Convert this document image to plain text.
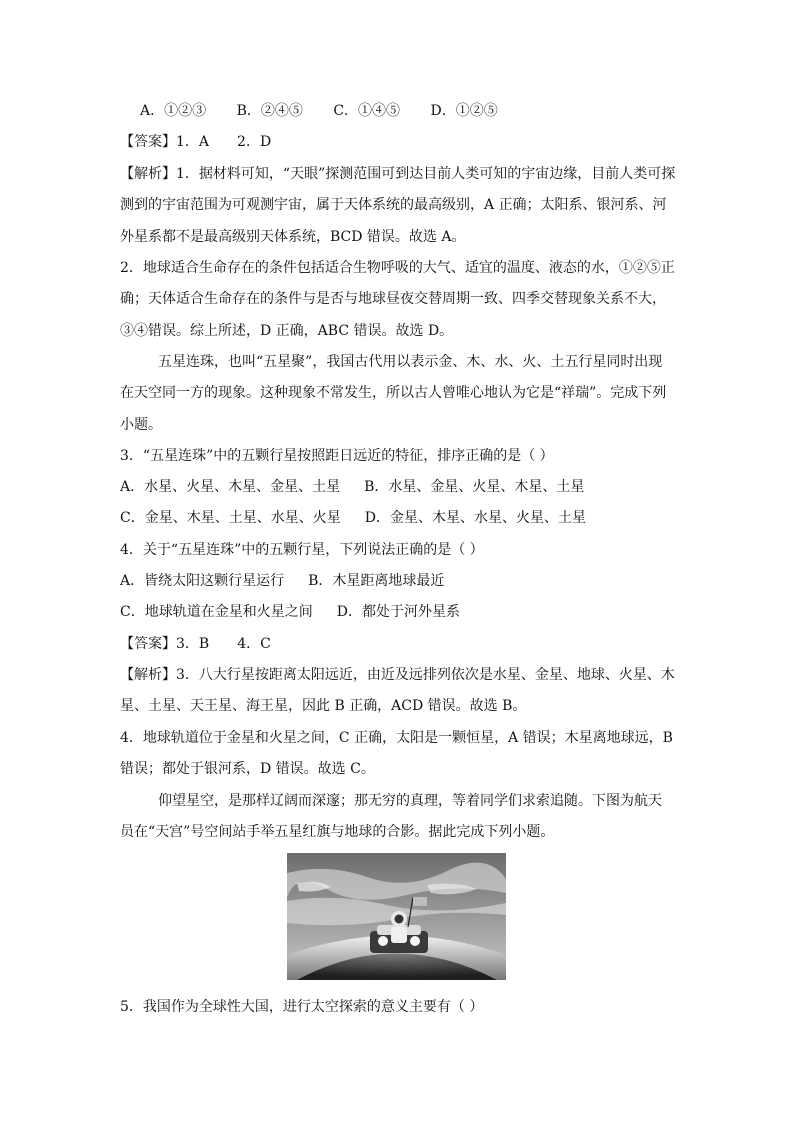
A．①②③ B．②④⑤ C．①④⑤ D．①②⑤
【答案】1．A 2．D
【解析】1．据材料可知，“天眼”探测范围可到达目前人类可知的宇宙边缘，目前人类可探
测到的宇宙范围为可观测宇宙，属于天体系统的最高级别，A 正确；太阳系、银河系、河
外星系都不是最高级别天体系统，BCD 错误。故选 A。
2．地球适合生命存在的条件包括适合生物呼吸的大气、适宜的温度、液态的水，①②⑤正
确；天体适合生命存在的条件与是否与地球昼夜交替周期一致、四季交替现象关系不大，
③④错误。综上所述，D 正确，ABC 错误。故选 D。
五星连珠，也叫“五星聚”，我国古代用以表示金、木、水、火、土五行星同时出现
在天空同一方的现象。这种现象不常发生，所以古人曾唯心地认为它是“祥瑞”。完成下列
小题。
3．“五星连珠”中的五颗行星按照距日远近的特征，排序正确的是（ ）
A．水星、火星、木星、金星、土星 B．水星、金星、火星、木星、土星
C．金星、木星、土星、水星、火星 D．金星、木星、水星、火星、土星
4．关于“五星连珠”中的五颗行星，下列说法正确的是（ ）
A．皆绕太阳这颗行星运行 B．木星距离地球最近
C．地球轨道在金星和火星之间 D．都处于河外星系
【答案】3．B 4．C
【解析】3．八大行星按距离太阳远近，由近及远排列依次是水星、金星、地球、火星、木
星、土星、天王星、海王星，因此 B 正确，ACD 错误。故选 B。
4．地球轨道位于金星和火星之间，C 正确，太阳是一颗恒星，A 错误；木星离地球远，B
错误；都处于银河系，D 错误。故选 C。
仰望星空，是那样辽阔而深邃；那无穷的真理，等着同学们求索追随。下图为航天
员在“天宫”号空间站手举五星红旗与地球的合影。据此完成下列小题。
5．我国作为全球性大国，进行太空探索的意义主要有（ ）
